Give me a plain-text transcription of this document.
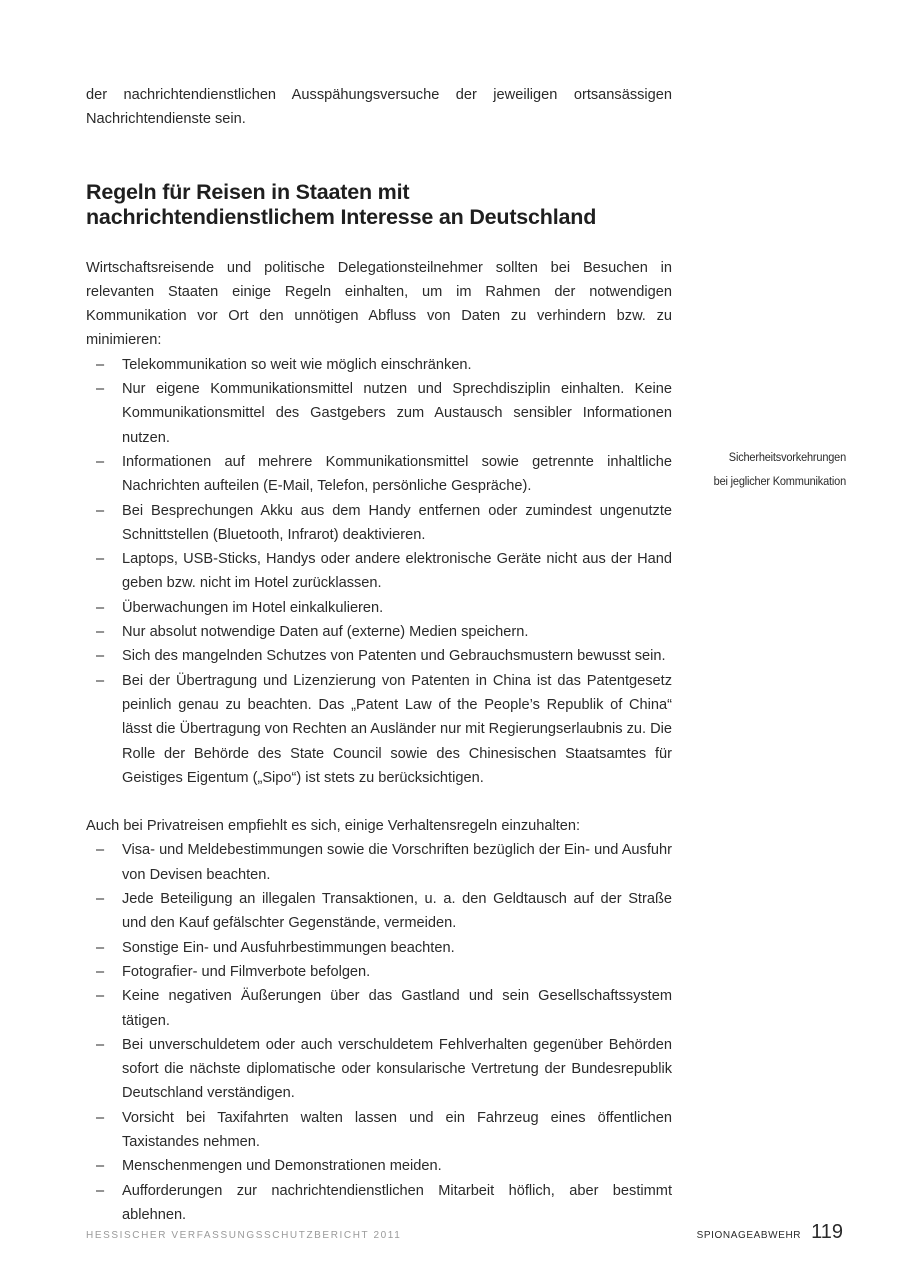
der nachrichtendienstlichen Ausspähungsversuche der jeweiligen ortsansässigen Nachrichtendienste sein.

Regeln für Reisen in Staaten mit
nachrichtendienstlichem Interesse an Deutschland

Wirtschaftsreisende und politische Delegationsteilnehmer sollten bei Besuchen in relevanten Staaten einige Regeln einhalten, um im Rahmen der notwendigen Kommunikation vor Ort den unnötigen Abfluss von Daten zu verhindern bzw. zu minimieren:

– Telekommunikation so weit wie möglich einschränken.
– Nur eigene Kommunikationsmittel nutzen und Sprechdisziplin einhalten. Keine Kommunikationsmittel des Gastgebers zum Austausch sensibler Informationen nutzen.
– Informationen auf mehrere Kommunikationsmittel sowie getrennte inhaltliche Nachrichten aufteilen (E-Mail, Telefon, persönliche Gespräche).
– Bei Besprechungen Akku aus dem Handy entfernen oder zumindest ungenutzte Schnittstellen (Bluetooth, Infrarot) deaktivieren.
– Laptops, USB-Sticks, Handys oder andere elektronische Geräte nicht aus der Hand geben bzw. nicht im Hotel zurücklassen.
– Überwachungen im Hotel einkalkulieren.
– Nur absolut notwendige Daten auf (externe) Medien speichern.
– Sich des mangelnden Schutzes von Patenten und Gebrauchsmustern bewusst sein.
– Bei der Übertragung und Lizenzierung von Patenten in China ist das Patentgesetz peinlich genau zu beachten. Das „Patent Law of the People’s Republik of China“ lässt die Übertragung von Rechten an Ausländer nur mit Regierungserlaubnis zu. Die Rolle der Behörde des State Council sowie des Chinesischen Staatsamtes für Geistiges Eigentum („Sipo“) ist stets zu berücksichtigen.

Auch bei Privatreisen empfiehlt es sich, einige Verhaltensregeln einzuhalten:

– Visa- und Meldebestimmungen sowie die Vorschriften bezüglich der Ein- und Ausfuhr von Devisen beachten.
– Jede Beteiligung an illegalen Transaktionen, u. a. den Geldtausch auf der Straße und den Kauf gefälschter Gegenstände, vermeiden.
– Sonstige Ein- und Ausfuhrbestimmungen beachten.
– Fotografier- und Filmverbote befolgen.
– Keine negativen Äußerungen über das Gastland und sein Gesellschaftssystem tätigen.
– Bei unverschuldetem oder auch verschuldetem Fehlverhalten gegenüber Behörden sofort die nächste diplomatische oder konsularische Vertretung der Bundesrepublik Deutschland verständigen.
– Vorsicht bei Taxifahrten walten lassen und ein Fahrzeug eines öffentlichen Taxistandes nehmen.
– Menschenmengen und Demonstrationen meiden.
– Aufforderungen zur nachrichtendienstlichen Mitarbeit höflich, aber bestimmt ablehnen.
Sicherheitsvorkehrungen
bei jeglicher Kommunikation
HESSISCHER VERFASSUNGSSCHUTZBERICHT 2011	SPIONAGEABWEHR 119
